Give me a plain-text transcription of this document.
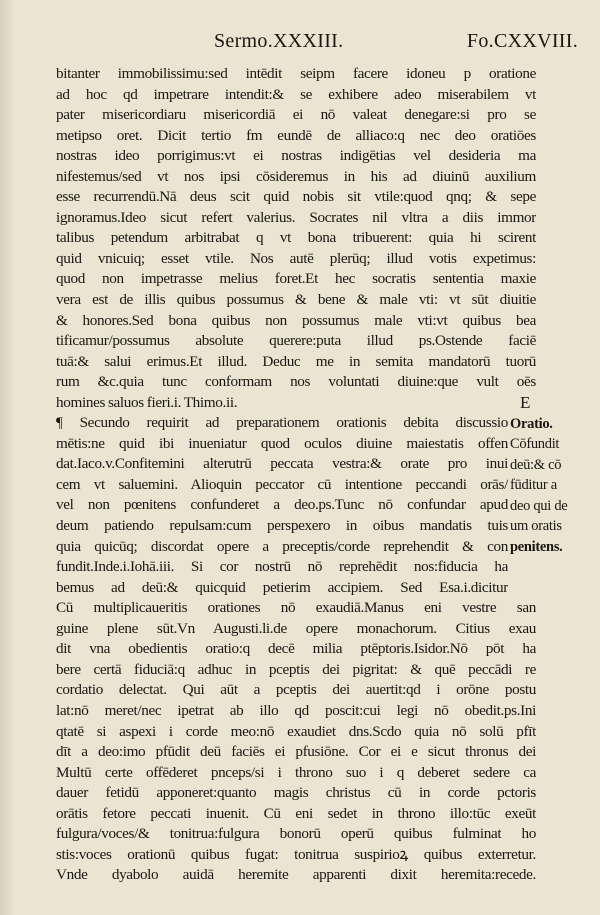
Sermo.XXXIII.	Fo.CXXVIII.
bitanter immobilissimu:sed intēdit seipm facere idoneu p oratione
ad hoc qd impetrare intendit:& se exhibere adeo miserabilem vt
pater misericordiaru misericordiā ei nō valeat denegare:si pro se
metipso oret. Dicit tertio fm eundē de alliaco:q nec deo oratiōes
nostras ideo porrigimus:vt ei nostras indigētias vel desideria ma
nifestemus/sed vt nos ipsi cōsideremus in his ad diuinū auxilium
esse recurrendū.Nā deus scit quid nobis sit vtile:quod qnq; & sepe
ignoramus.Ideo sicut refert valerius. Socrates nil vltra a diis immor
talibus petendum arbitrabat q vt bona tribuerent: quia hi scirent
quid vnicuiq; esset vtile. Nos autē plerūq; illud votis expetimus:
quod non impetrasse melius foret.Et hec socratis sententia maxie
vera est de illis quibus possumus & bene & male vti: vt sūt diuitie
& honores.Sed bona quibus non possumus male vti:vt quibus bea
tificamur/possumus absolute querere:puta illud ps.Ostende faciē
tuā:& salui erimus.Et illud. Deduc me in semita mandatorū tuorū
rum &c.quia tunc conformam nos voluntati diuine:que vult oēs
homines saluos fieri.i. Thimo.ii.
¶ Secundo requirit ad preparationem orationis debita discussio
mētis:ne quid ibi inueniatur quod oculos diuine maiestatis offen
dat.Iaco.v.Confitemini alterutrū peccata vestra:& orate pro inui
cem vt saluemini. Alioquin peccator cū intentione peccandi orās/
vel non pœnitens confunderet a deo.ps.Tunc nō confundar apud
deum patiendo repulsam:cum perspexero in oibus mandatis tuis
quia quicūq; discordat opere a preceptis/corde reprehendit & con
fundit.Inde.i.Iohā.iii. Si cor nostrū nō reprehēdit nos:fiducia ha
bemus ad deū:& quicquid petierim accipiem. Sed Esa.i.dicitur
Cū multiplicaueritis orationes nō exaudiā.Manus eni vestre san
guine plene sūt.Vn Augusti.li.de opere monachorum. Citius exau
dit vna obedientis oratio:q decē milia ptēptoris.Isidor.Nō pōt ha
bere certā fiduciā:q adhuc in pceptis dei pigritat: & quē peccādi re
cordatio delectat. Qui aūt a pceptis dei auertit:qd i orōne postu
lat:nō meret/nec ipetrat ab illo qd poscit:cui legi nō obedit.ps.Ini
qtatē si aspexi i corde meo:nō exaudiet dns.Scdo quia nō solū pfīt
dīt a deo:imo pfūdit deū faciēs ei pfusiōne. Cor ei e sicut thronus dei
Multū certe offēderet pnceps/si i throno suo i q deberet sedere ca
dauer fetidū apponeret:quanto magis christus cū in corde pctoris
orātis fetore peccati inuenit. Cū eni sedet in throno illo:tūc exeūt
fulgura/voces/& tonitrua:fulgura bonorū operū quibus fulminat ho
stis:voces orationū quibus fugat: tonitrua suspirioꝝ quibus exterretur.
Vnde dyabolo auidā heremite apparenti dixit heremita:recede.
E
Oratio.
Cōfundit
deū:& cō
fūditur a
deo qui de
um oratis
penitens.
